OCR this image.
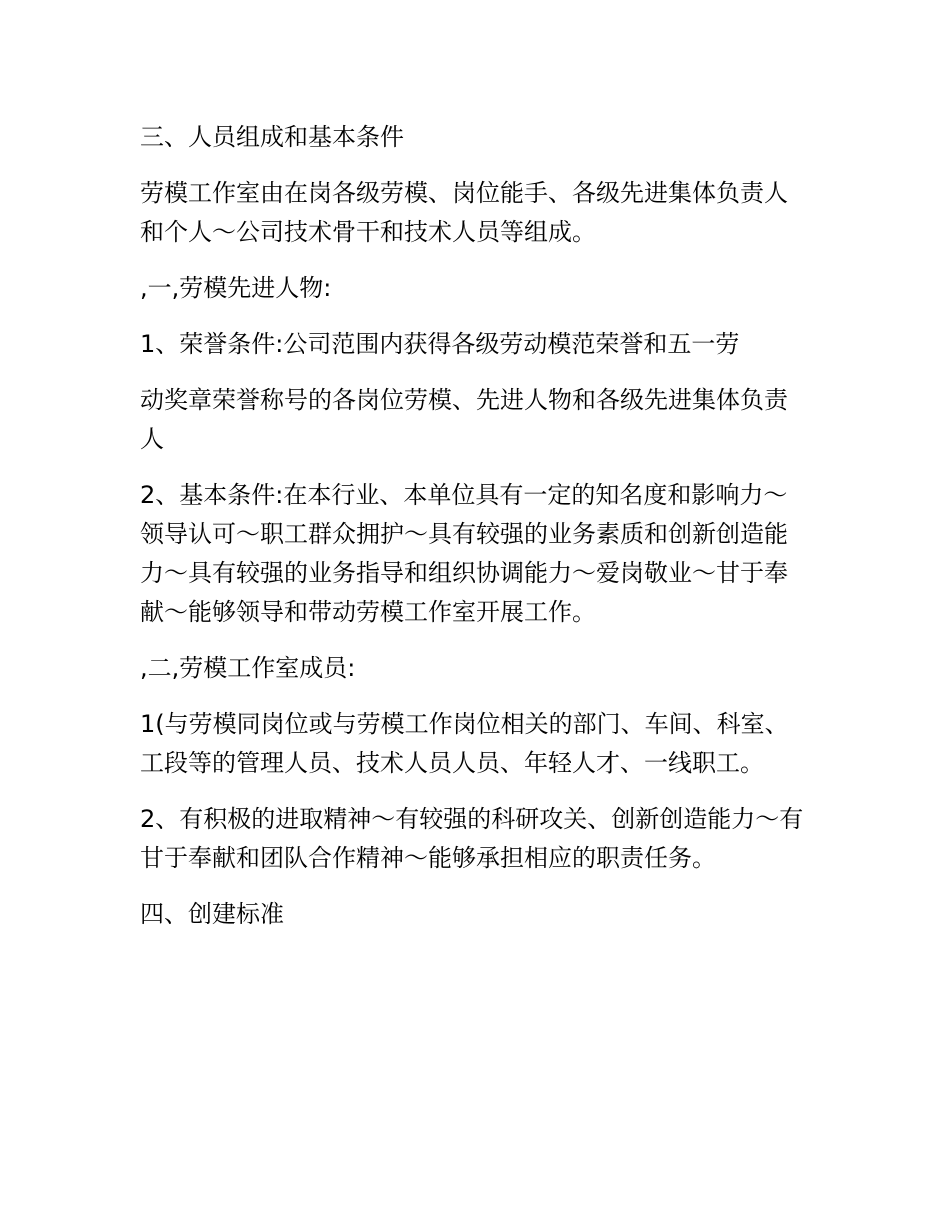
三、人员组成和基本条件

劳模工作室由在岗各级劳模、岗位能手、各级先进集体负责人和个人～公司技术骨干和技术人员等组成。

,一,劳模先进人物:

1、荣誉条件:公司范围内获得各级劳动模范荣誉和五一劳

动奖章荣誉称号的各岗位劳模、先进人物和各级先进集体负责人

2、基本条件:在本行业、本单位具有一定的知名度和影响力～领导认可～职工群众拥护～具有较强的业务素质和创新创造能力～具有较强的业务指导和组织协调能力～爱岗敬业～甘于奉献～能够领导和带动劳模工作室开展工作。

,二,劳模工作室成员:

1(与劳模同岗位或与劳模工作岗位相关的部门、车间、科室、工段等的管理人员、技术人员人员、年轻人才、一线职工。

2、有积极的进取精神～有较强的科研攻关、创新创造能力～有甘于奉献和团队合作精神～能够承担相应的职责任务。

四、创建标准
